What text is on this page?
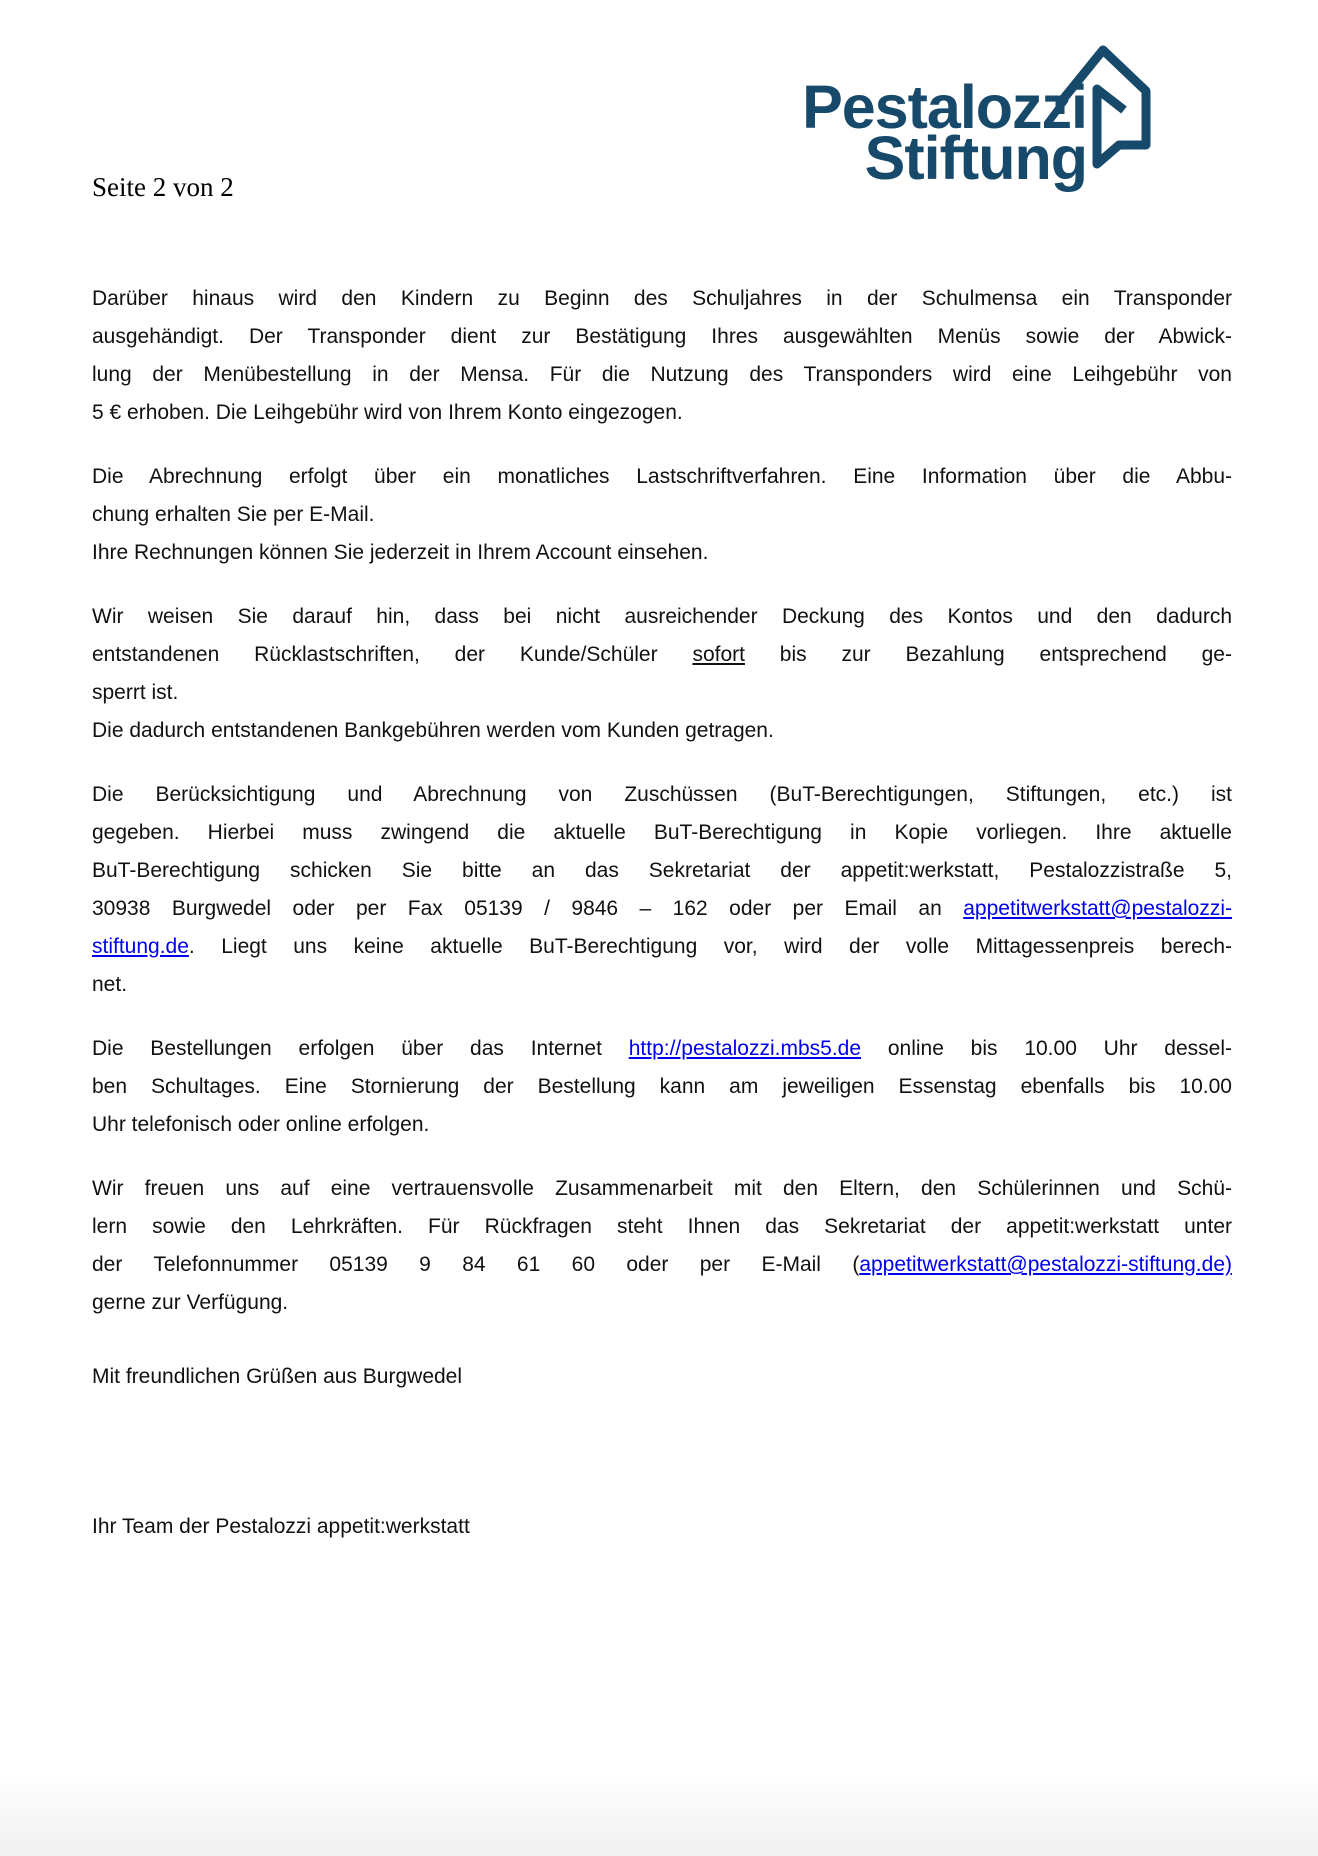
Seite 2 von 2
Pestalozzi
Stiftung
Darüber hinaus wird den Kindern zu Beginn des Schuljahres in der Schulmensa ein Transponder
ausgehändigt. Der Transponder dient zur Bestätigung Ihres ausgewählten Menüs sowie der Abwick-
lung der Menübestellung in der Mensa. Für die Nutzung des Transponders wird eine Leihgebühr von
5 € erhoben. Die Leihgebühr wird von Ihrem Konto eingezogen.
Die Abrechnung erfolgt über ein monatliches Lastschriftverfahren. Eine Information über die Abbu-
chung erhalten Sie per E-Mail.
Ihre Rechnungen können Sie jederzeit in Ihrem Account einsehen.
Wir weisen Sie darauf hin, dass bei nicht ausreichender Deckung des Kontos und den dadurch
entstandenen Rücklastschriften, der Kunde/Schüler sofort bis zur Bezahlung entsprechend ge-
sperrt ist.
Die dadurch entstandenen Bankgebühren werden vom Kunden getragen.
Die Berücksichtigung und Abrechnung von Zuschüssen (BuT-Berechtigungen, Stiftungen, etc.) ist
gegeben. Hierbei muss zwingend die aktuelle BuT-Berechtigung in Kopie vorliegen. Ihre aktuelle
BuT-Berechtigung schicken Sie bitte an das Sekretariat der appetit:werkstatt, Pestalozzistraße 5,
30938 Burgwedel oder per Fax 05139 / 9846 – 162 oder per Email an appetitwerkstatt@pestalozzi-
stiftung.de. Liegt uns keine aktuelle BuT-Berechtigung vor, wird der volle Mittagessenpreis berech-
net.
Die Bestellungen erfolgen über das Internet http://pestalozzi.mbs5.de online bis 10.00 Uhr dessel-
ben Schultages. Eine Stornierung der Bestellung kann am jeweiligen Essenstag ebenfalls bis 10.00
Uhr telefonisch oder online erfolgen.
Wir freuen uns auf eine vertrauensvolle Zusammenarbeit mit den Eltern, den Schülerinnen und Schü-
lern sowie den Lehrkräften. Für Rückfragen steht Ihnen das Sekretariat der appetit:werkstatt unter
der Telefonnummer 05139 9 84 61 60 oder per E-Mail (appetitwerkstatt@pestalozzi-stiftung.de)
gerne zur Verfügung.
Mit freundlichen Grüßen aus Burgwedel
Ihr Team der Pestalozzi appetit:werkstatt
